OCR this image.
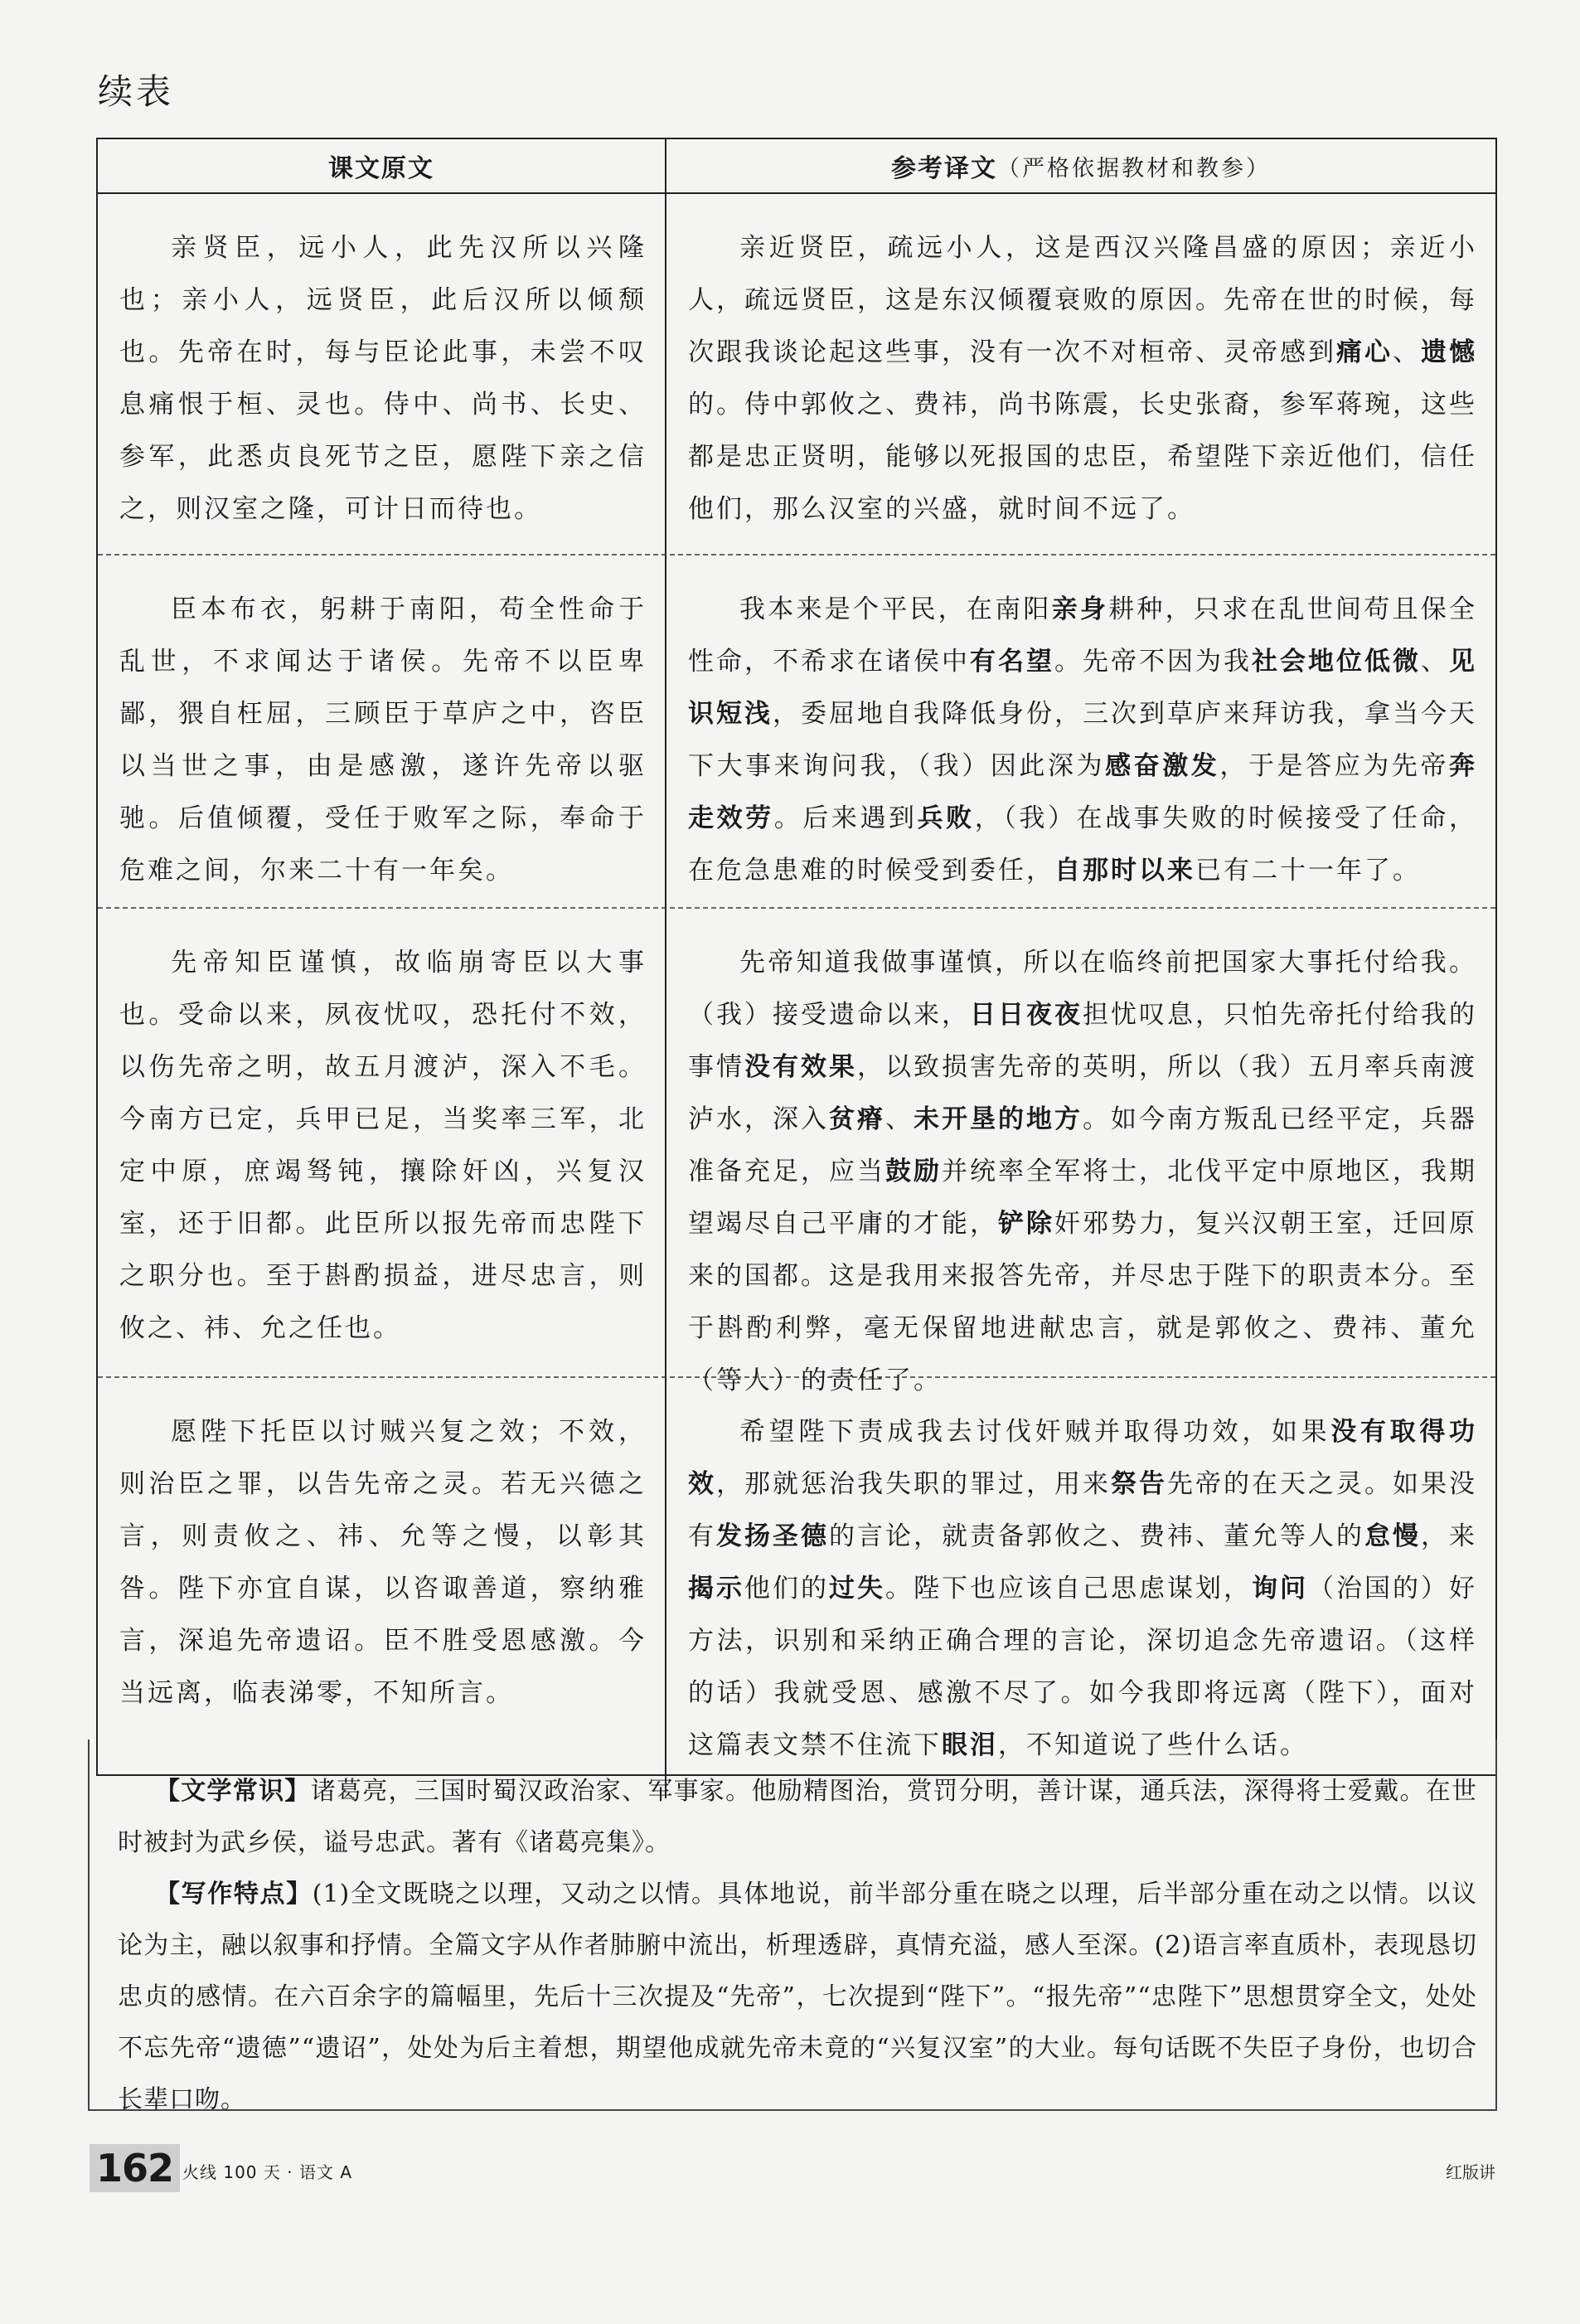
续表
课文原文	参考译文 （严格依据教材和教参）
亲贤臣，远小人，此先汉所以兴隆也；亲小人，远贤臣，此后汉所以倾颓也。先帝在时，每与臣论此事，未尝不叹息痛恨于桓、灵也。侍中、尚书、长史、参军，此悉贞良死节之臣，愿陛下亲之信之，则汉室之隆，可计日而待也。
亲近贤臣，疏远小人，这是西汉兴隆昌盛的原因；亲近小人，疏远贤臣，这是东汉倾覆衰败的原因。先帝在世的时候，每次跟我谈论起这些事，没有一次不对桓帝、灵帝感到痛心、遗憾的。侍中郭攸之、费祎，尚书陈震，长史张裔，参军蒋琬，这些都是忠正贤明，能够以死报国的忠臣，希望陛下亲近他们，信任他们，那么汉室的兴盛，就时间不远了。
臣本布衣，躬耕于南阳，苟全性命于乱世，不求闻达于诸侯。先帝不以臣卑鄙，猥自枉屈，三顾臣于草庐之中，咨臣以当世之事，由是感激，遂许先帝以驱驰。后值倾覆，受任于败军之际，奉命于危难之间，尔来二十有一年矣。
我本来是个平民，在南阳亲身耕种，只求在乱世间苟且保全性命，不希求在诸侯中有名望。先帝不因为我社会地位低微、见识短浅，委屈地自我降低身份，三次到草庐来拜访我，拿当今天下大事来询问我，（我）因此深为感奋激发，于是答应为先帝奔走效劳。后来遇到兵败，（我）在战事失败的时候接受了任命，在危急患难的时候受到委任，自那时以来已有二十一年了。
先帝知臣谨慎，故临崩寄臣以大事也。受命以来，夙夜忧叹，恐托付不效，以伤先帝之明，故五月渡泸，深入不毛。今南方已定，兵甲已足，当奖率三军，北定中原，庶竭驽钝，攘除奸凶，兴复汉室，还于旧都。此臣所以报先帝而忠陛下之职分也。至于斟酌损益，进尽忠言，则攸之、祎、允之任也。
先帝知道我做事谨慎，所以在临终前把国家大事托付给我。（我）接受遗命以来，日日夜夜担忧叹息，只怕先帝托付给我的事情没有效果，以致损害先帝的英明，所以（我）五月率兵南渡泸水，深入贫瘠、未开垦的地方。如今南方叛乱已经平定，兵器准备充足，应当鼓励并统率全军将士，北伐平定中原地区，我期望竭尽自己平庸的才能，铲除奸邪势力，复兴汉朝王室，迁回原来的国都。这是我用来报答先帝，并尽忠于陛下的职责本分。至于斟酌利弊，毫无保留地进献忠言，就是郭攸之、费祎、董允（等人）的责任了。
愿陛下托臣以讨贼兴复之效；不效，则治臣之罪，以告先帝之灵。若无兴德之言，则责攸之、祎、允等之慢，以彰其咎。陛下亦宜自谋，以咨诹善道，察纳雅言，深追先帝遗诏。臣不胜受恩感激。今当远离，临表涕零，不知所言。
希望陛下责成我去讨伐奸贼并取得功效，如果没有取得功效，那就惩治我失职的罪过，用来祭告先帝的在天之灵。如果没有发扬圣德的言论，就责备郭攸之、费祎、董允等人的怠慢，来揭示他们的过失。陛下也应该自己思虑谋划，询问（治国的）好方法，识别和采纳正确合理的言论，深切追念先帝遗诏。（这样的话）我就受恩、感激不尽了。如今我即将远离（陛下），面对这篇表文禁不住流下眼泪，不知道说了些什么话。

【文学常识】诸葛亮，三国时蜀汉政治家、军事家。他励精图治，赏罚分明，善计谋，通兵法，深得将士爱戴。在世时被封为武乡侯，谥号忠武。著有《诸葛亮集》。

【写作特点】(1)全文既晓之以理，又动之以情。具体地说，前半部分重在晓之以理，后半部分重在动之以情。以议论为主，融以叙事和抒情。全篇文字从作者肺腑中流出，析理透辟，真情充溢，感人至深。(2)语言率直质朴，表现恳切忠贞的感情。在六百余字的篇幅里，先后十三次提及“先帝”，七次提到“陛下”。“报先帝”“忠陛下”思想贯穿全文，处处不忘先帝“遗德”“遗诏”，处处为后主着想，期望他成就先帝未竟的“兴复汉室”的大业。每句话既不失臣子身份，也切合长辈口吻。

162 火线 100 天 · 语文 A	红版讲
